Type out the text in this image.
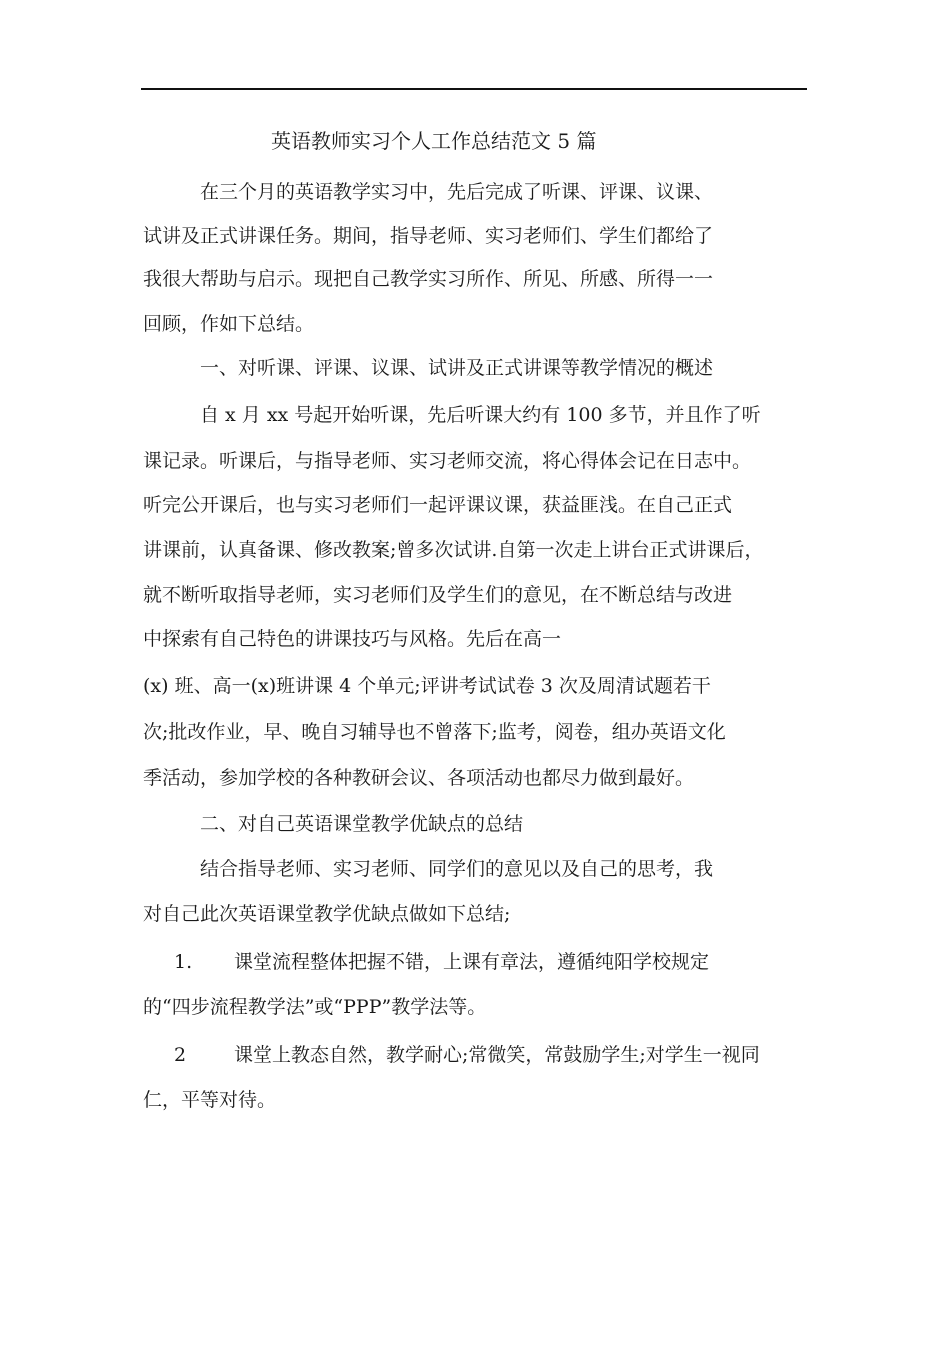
英语教师实习个人工作总结范文 5 篇
在三个月的英语教学实习中，先后完成了听课、评课、议课、
试讲及正式讲课任务。期间，指导老师、实习老师们、学生们都给了
我很大帮助与启示。现把自己教学实习所作、所见、所感、所得一一
回顾，作如下总结。
一、对听课、评课、议课、试讲及正式讲课等教学情况的概述
自 x 月 xx 号起开始听课，先后听课大约有 100 多节，并且作了听
课记录。听课后，与指导老师、实习老师交流，将心得体会记在日志中。
听完公开课后，也与实习老师们一起评课议课，获益匪浅。在自己正式
讲课前，认真备课、修改教案;曾多次试讲.自第一次走上讲台正式讲课后，
就不断听取指导老师，实习老师们及学生们的意见，在不断总结与改进
中探索有自己特色的讲课技巧与风格。先后在高一
(x) 班、高一(x)班讲课 4 个单元;评讲考试试卷 3 次及周清试题若干
次;批改作业，早、晚自习辅导也不曾落下;监考，阅卷，组办英语文化
季活动，参加学校的各种教研会议、各项活动也都尽力做到最好。
二、对自己英语课堂教学优缺点的总结
结合指导老师、实习老师、同学们的意见以及自己的思考，我
对自己此次英语课堂教学优缺点做如下总结;
1. 课堂流程整体把握不错，上课有章法，遵循纯阳学校规定
的“四步流程教学法”或“PPP”教学法等。
2	课堂上教态自然，教学耐心;常微笑，常鼓励学生;对学生一视同
仁，平等对待。
